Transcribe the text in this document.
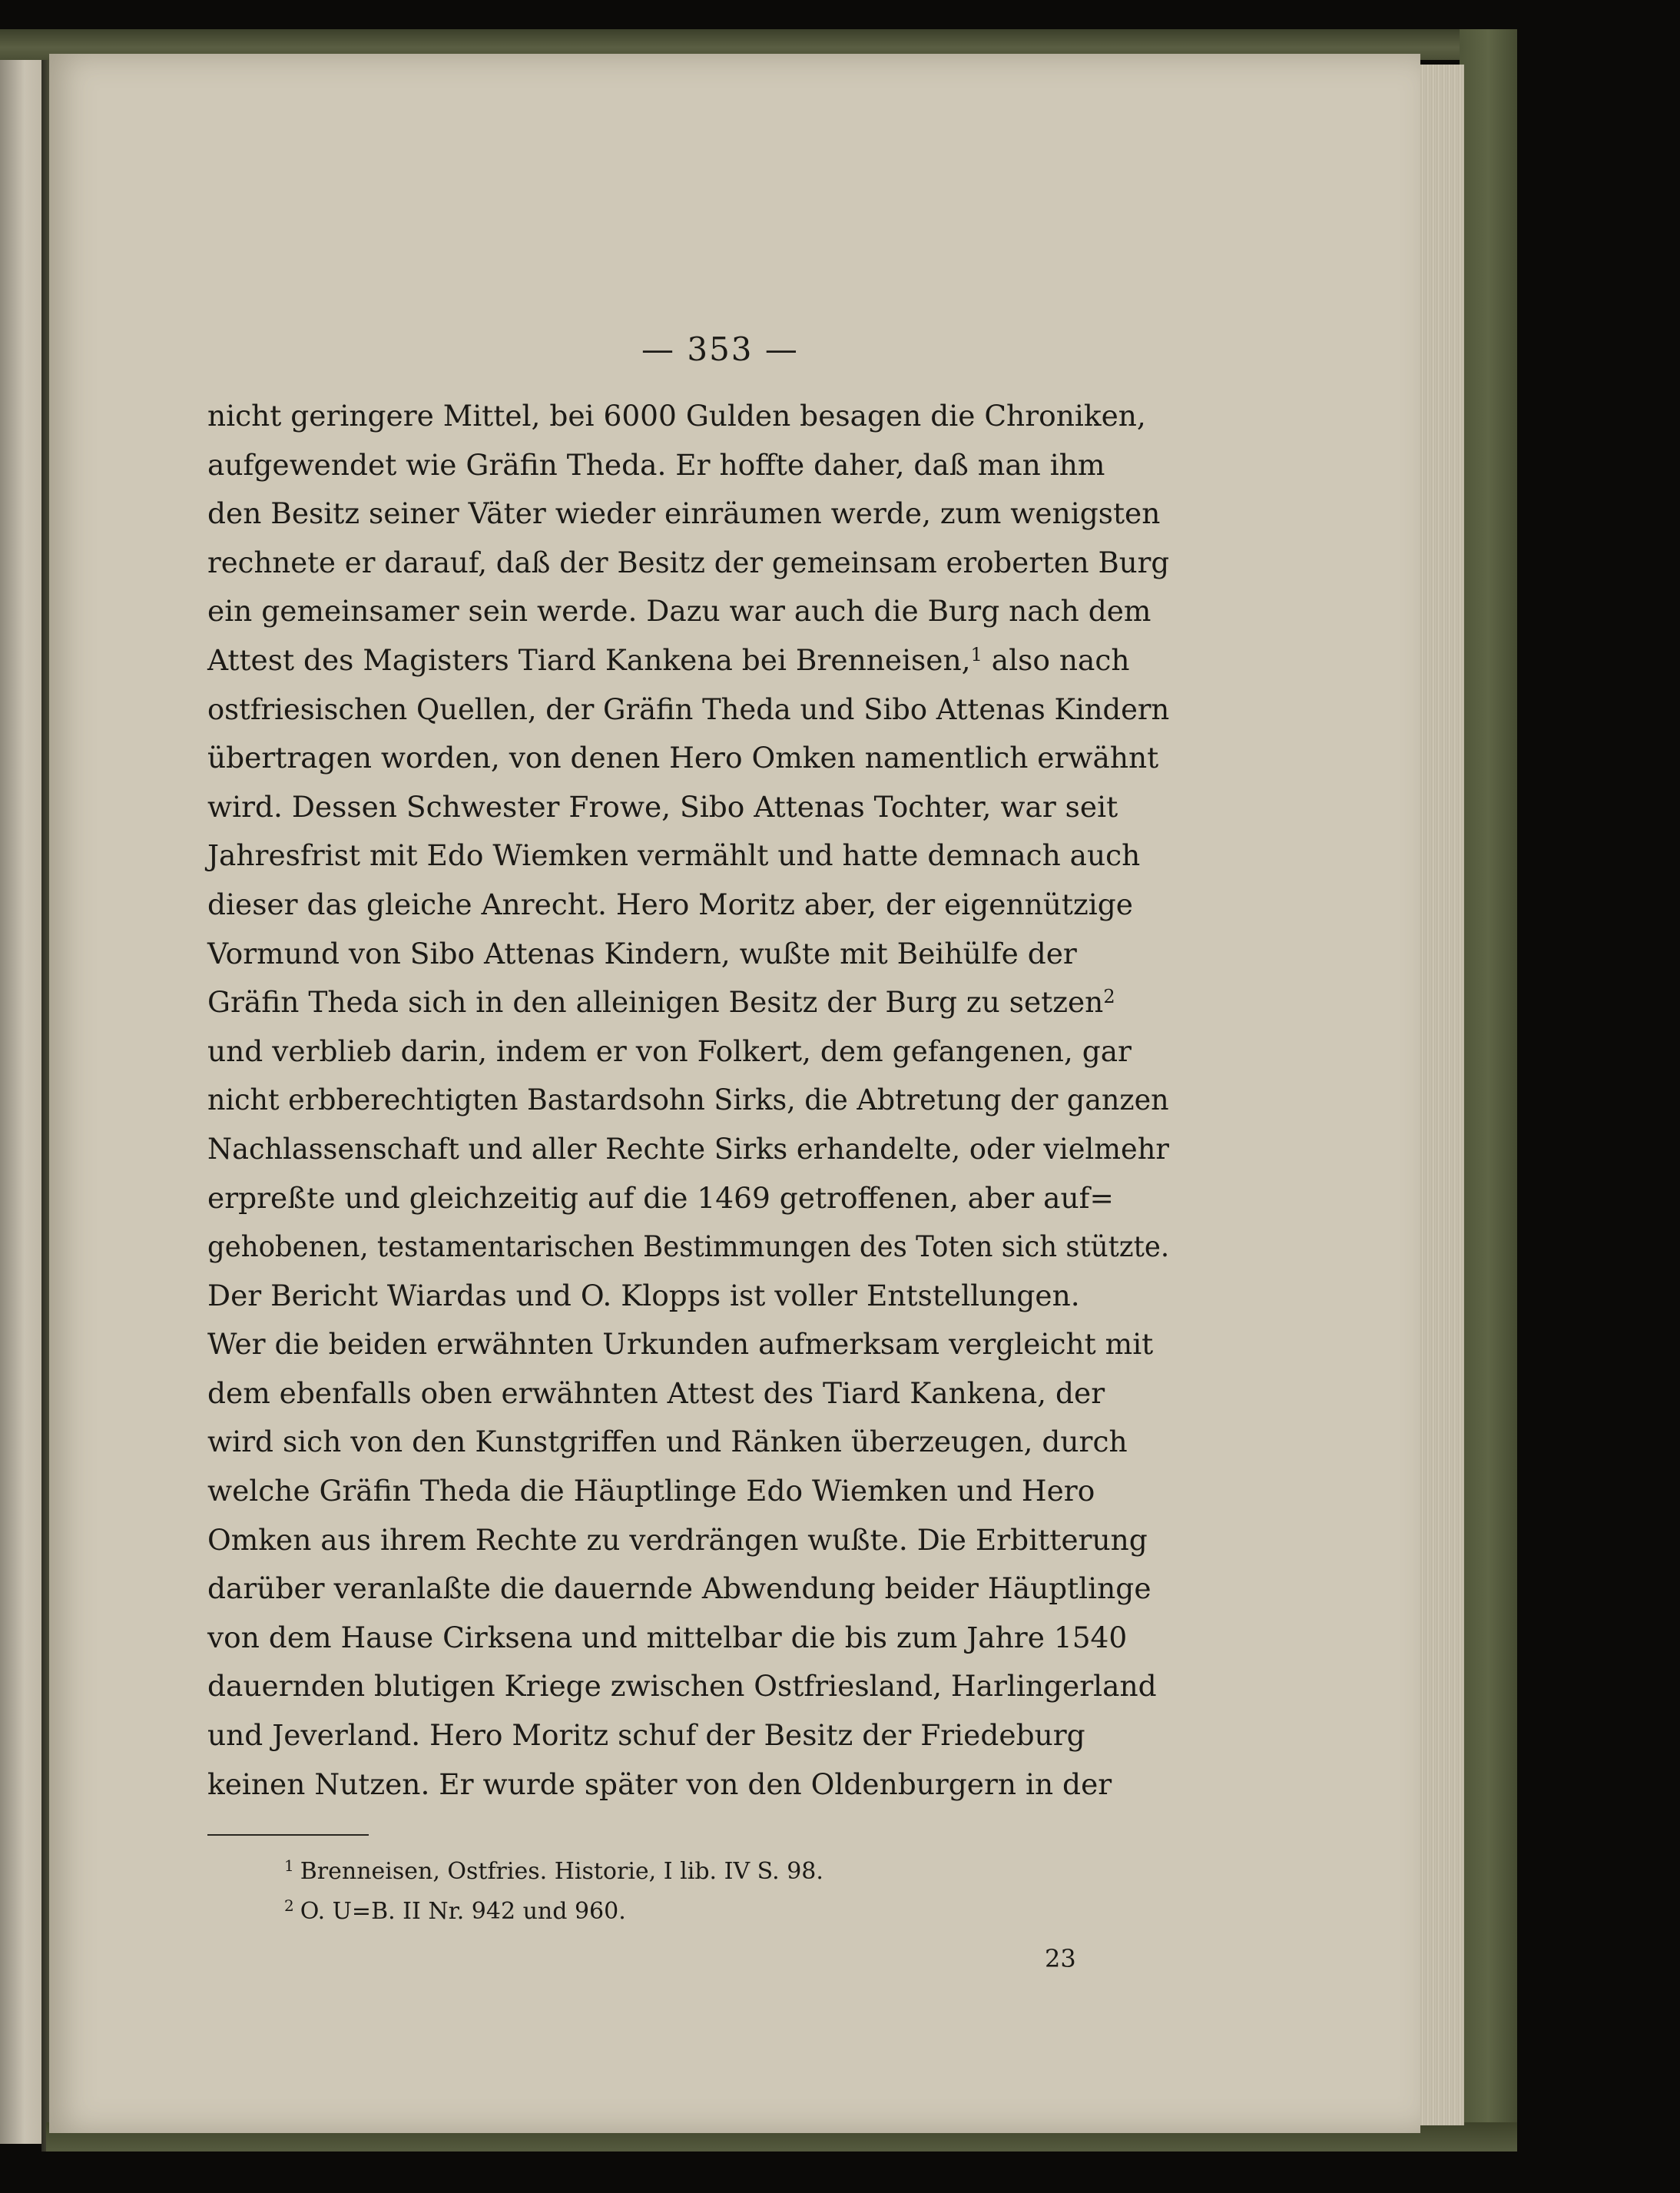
— 353 —

nicht geringere Mittel, bei 6000 Gulden besagen die Chroniken,
aufgewendet wie Gräfin Theda. Er hoffte daher, daß man ihm
den Besitz seiner Väter wieder einräumen werde, zum wenigsten
rechnete er darauf, daß der Besitz der gemeinsam eroberten Burg
ein gemeinsamer sein werde. Dazu war auch die Burg nach dem
Attest des Magisters Tiard Kankena bei Brenneisen,$^1$ also nach
ostfriesischen Quellen, der Gräfin Theda und Sibo Attenas Kindern
übertragen worden, von denen Hero Omken namentlich erwähnt
wird. Dessen Schwester Frowe, Sibo Attenas Tochter, war seit
Jahresfrist mit Edo Wiemken vermählt und hatte demnach auch
dieser das gleiche Anrecht. Hero Moritz aber, der eigennützige
Vormund von Sibo Attenas Kindern, wußte mit Beihülfe der
Gräfin Theda sich in den alleinigen Besitz der Burg zu setzen$^2$
und verblieb darin, indem er von Folkert, dem gefangenen, gar
nicht erbberechtigten Bastardsohn Sirks, die Abtretung der ganzen
Nachlassenschaft und aller Rechte Sirks erhandelte, oder vielmehr
erpreßte und gleichzeitig auf die 1469 getroffenen, aber auf=
gehobenen, testamentarischen Bestimmungen des Toten sich stützte.
Der Bericht Wiardas und O. Klopps ist voller Entstellungen.
Wer die beiden erwähnten Urkunden aufmerksam vergleicht mit
dem ebenfalls oben erwähnten Attest des Tiard Kankena, der
wird sich von den Kunstgriffen und Ränken überzeugen, durch
welche Gräfin Theda die Häuptlinge Edo Wiemken und Hero
Omken aus ihrem Rechte zu verdrängen wußte. Die Erbitterung
darüber veranlaßte die dauernde Abwendung beider Häuptlinge
von dem Hause Cirksena und mittelbar die bis zum Jahre 1540
dauernden blutigen Kriege zwischen Ostfriesland, Harlingerland
und Jeverland. Hero Moritz schuf der Besitz der Friedeburg
keinen Nutzen. Er wurde später von den Oldenburgern in der

$^1$ Brenneisen, Ostfries. Historie, I lib. IV S. 98.
$^2$ O. U=B. II Nr. 942 und 960.
23
